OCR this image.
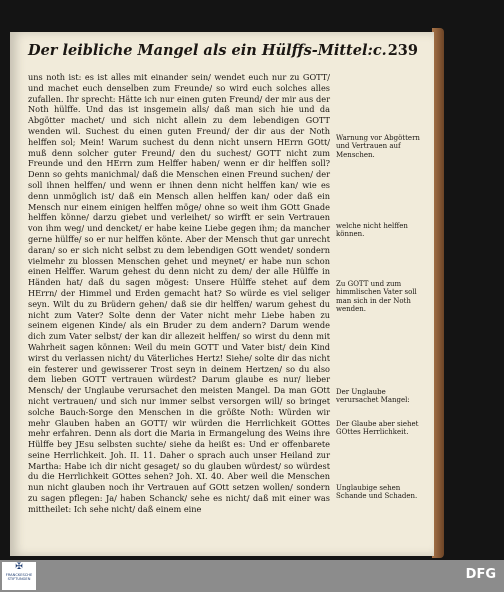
Der leibliche Mangel als ein Hülffs-Mittel:c. 239

uns noth ist: es ist alles mit einander sein/ wendet euch nur zu GOTT/ und machet euch denselben zum Freunde/ so wird euch solches alles zufallen. Ihr sprecht: Hätte ich nur einen guten Freund/ der mir aus der Noth hülffe. Und das ist insgemein alls/ daß man sich hie und da Abgötter machet/ und sich nicht allein zu dem lebendigen GOTT wenden wil. Suchest du einen guten Freund/ der dir aus der Noth helffen sol; Mein! Warum suchest du denn nicht unsern HErrn GOtt/ muß denn solcher guter Freund/ den du suchest/ GOTT nicht zum Freunde und den HErrn zum Helffer haben/ wenn er dir helffen soll? Denn so gehts manichmal/ daß die Menschen einen Freund suchen/ der soll ihnen helffen/ und wenn er ihnen denn nicht helffen kan/ wie es denn unmöglich ist/ daß ein Mensch allen helffen kan/ oder daß ein Mensch nur einem einigen helffen möge/ ohne so weit ihm GOtt Gnade helffen könne/ darzu giebet und verleihet/ so wirfft er sein Vertrauen von ihm weg/ und dencket/ er habe keine Liebe gegen ihm; da mancher gerne hülffe/ so er nur helffen könte. Aber der Mensch thut gar unrecht daran/ so er sich nicht selbst zu dem lebendigen GOtt wendet/ sondern vielmehr zu blossen Menschen gehet und meynet/ er habe nun schon einen Helffer. Warum gehest du denn nicht zu dem/ der alle Hülffe in Händen hat/ daß du sagen mögest: Unsere Hülffe stehet auf dem HErrn/ der Himmel und Erden gemacht hat? So würde es viel seliger seyn. Wilt du zu Brüdern gehen/ daß sie dir helffen/ warum gehest du nicht zum Vater? Solte denn der Vater nicht mehr Liebe haben zu seinem eigenen Kinde/ als ein Bruder zu dem andern? Darum wende dich zum Vater selbst/ der kan dir allezeit helffen/ so wirst du denn mit Wahrheit sagen können: Weil du mein GOTT und Vater bist/ dein Kind wirst du verlassen nicht/ du Väterliches Hertz! Siehe/ solte dir das nicht ein festerer und gewisserer Trost seyn in deinem Hertzen/ so du also dem lieben GOTT vertrauen würdest? Darum glaube es nur/ lieber Mensch/ der Unglaube verursachet den meisten Mangel. Da man GOtt nicht vertrauen/ und sich nur immer selbst versorgen will/ so bringet solche Bauch-Sorge den Menschen in die größte Noth: Würden wir mehr Glauben haben an GOTT/ wir würden die Herrlichkeit GOttes mehr erfahren. Denn als dort die Maria in Ermangelung des Weins ihre Hülffe bey JEsu selbsten suchte/ siehe da heißt es: Und er offenbarete seine Herrlichkeit. Joh. II. 11. Daher o sprach auch unser Heiland zur Martha: Habe ich dir nicht gesaget/ so du glauben würdest/ so würdest du die Herrlichkeit GOttes sehen? Joh. XI. 40. Aber weil die Menschen nun nicht glauben noch ihr Vertrauen auf GOtt setzen wollen/ sondern zu sagen pflegen: Ja/ haben Schanck/ sehe es nicht/ daß mit einer was mittheilet: Ich sehe nicht/ daß einem eine

Warnung vor Abgöttern und Vertrauen auf Menschen.
welche nicht helffen können.
Zu GOTT und zum himmlischen Vater soll man sich in der Noth wenden.
Der Unglaube verursachet Mangel:
Der Glaube aber siehet GOttes Herrlichkeit.
Unglaubige sehen Schande und Schaden.
✠
FRANCKESCHE STIFTUNGEN	DFG
